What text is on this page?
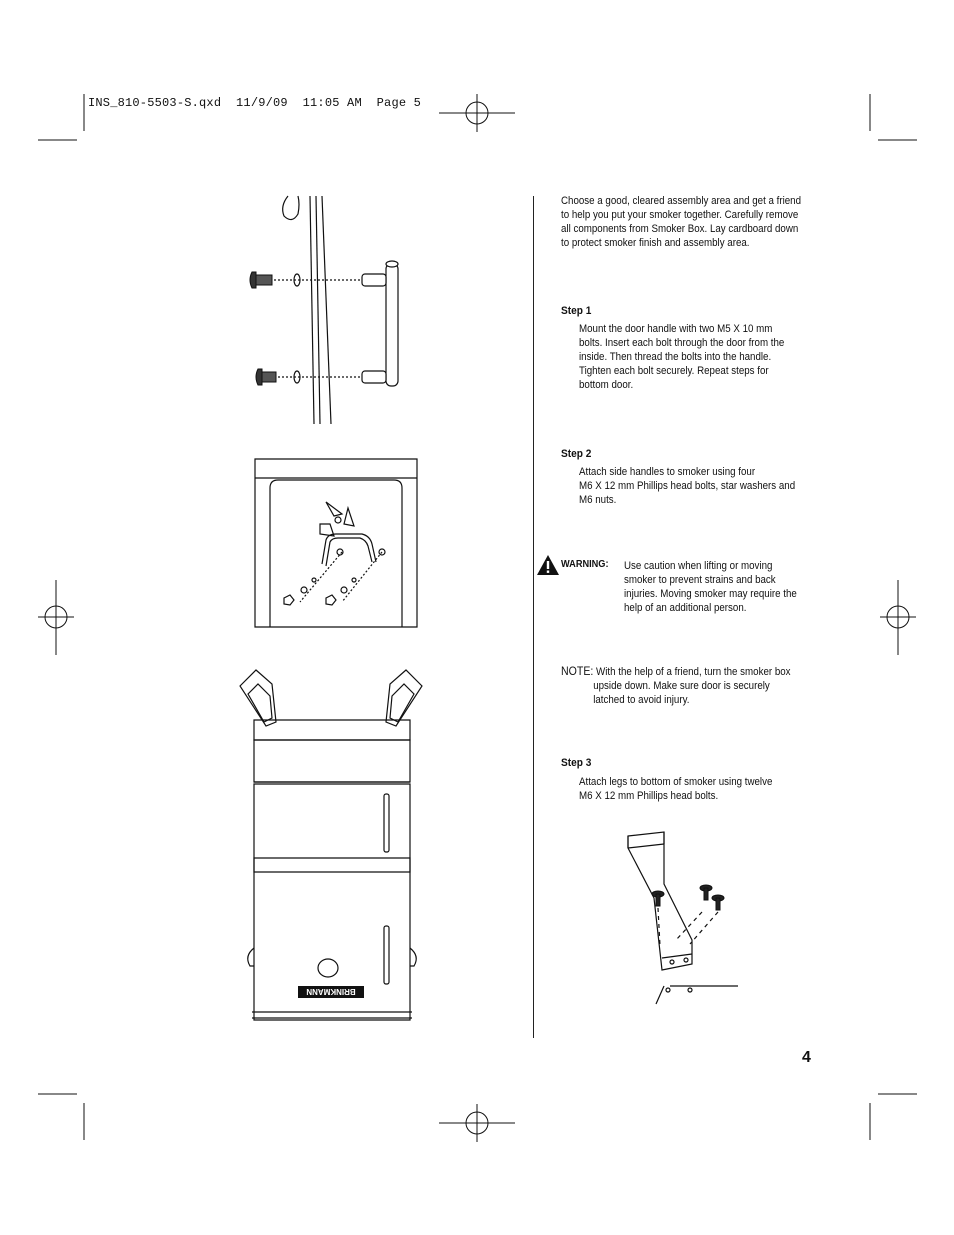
INS_810-5503-S.qxd  11/9/09  11:05 AM  Page 5
BRINKMANN
Choose a good, cleared assembly area and get a friend
to help you put your smoker together. Carefully remove
all components from Smoker Box. Lay cardboard down
to protect smoker finish and assembly area.
Step 1
Mount the door handle with two M5 X 10 mm
bolts. Insert each bolt through the door from the
inside. Then thread the bolts into the handle.
Tighten each bolt securely. Repeat steps for
bottom door.
Step 2
Attach side handles to smoker using four
M6 X 12 mm Phillips head bolts, star washers and
M6 nuts.
WARNING: Use caution when lifting or moving
smoker to prevent strains and back
injuries. Moving smoker may require the
help of an additional person.
NOTE: With the help of a friend, turn the smoker box
upside down. Make sure door is securely
latched to avoid injury.
Step 3
Attach legs to bottom of smoker using twelve
M6 X 12 mm Phillips head bolts.
4
